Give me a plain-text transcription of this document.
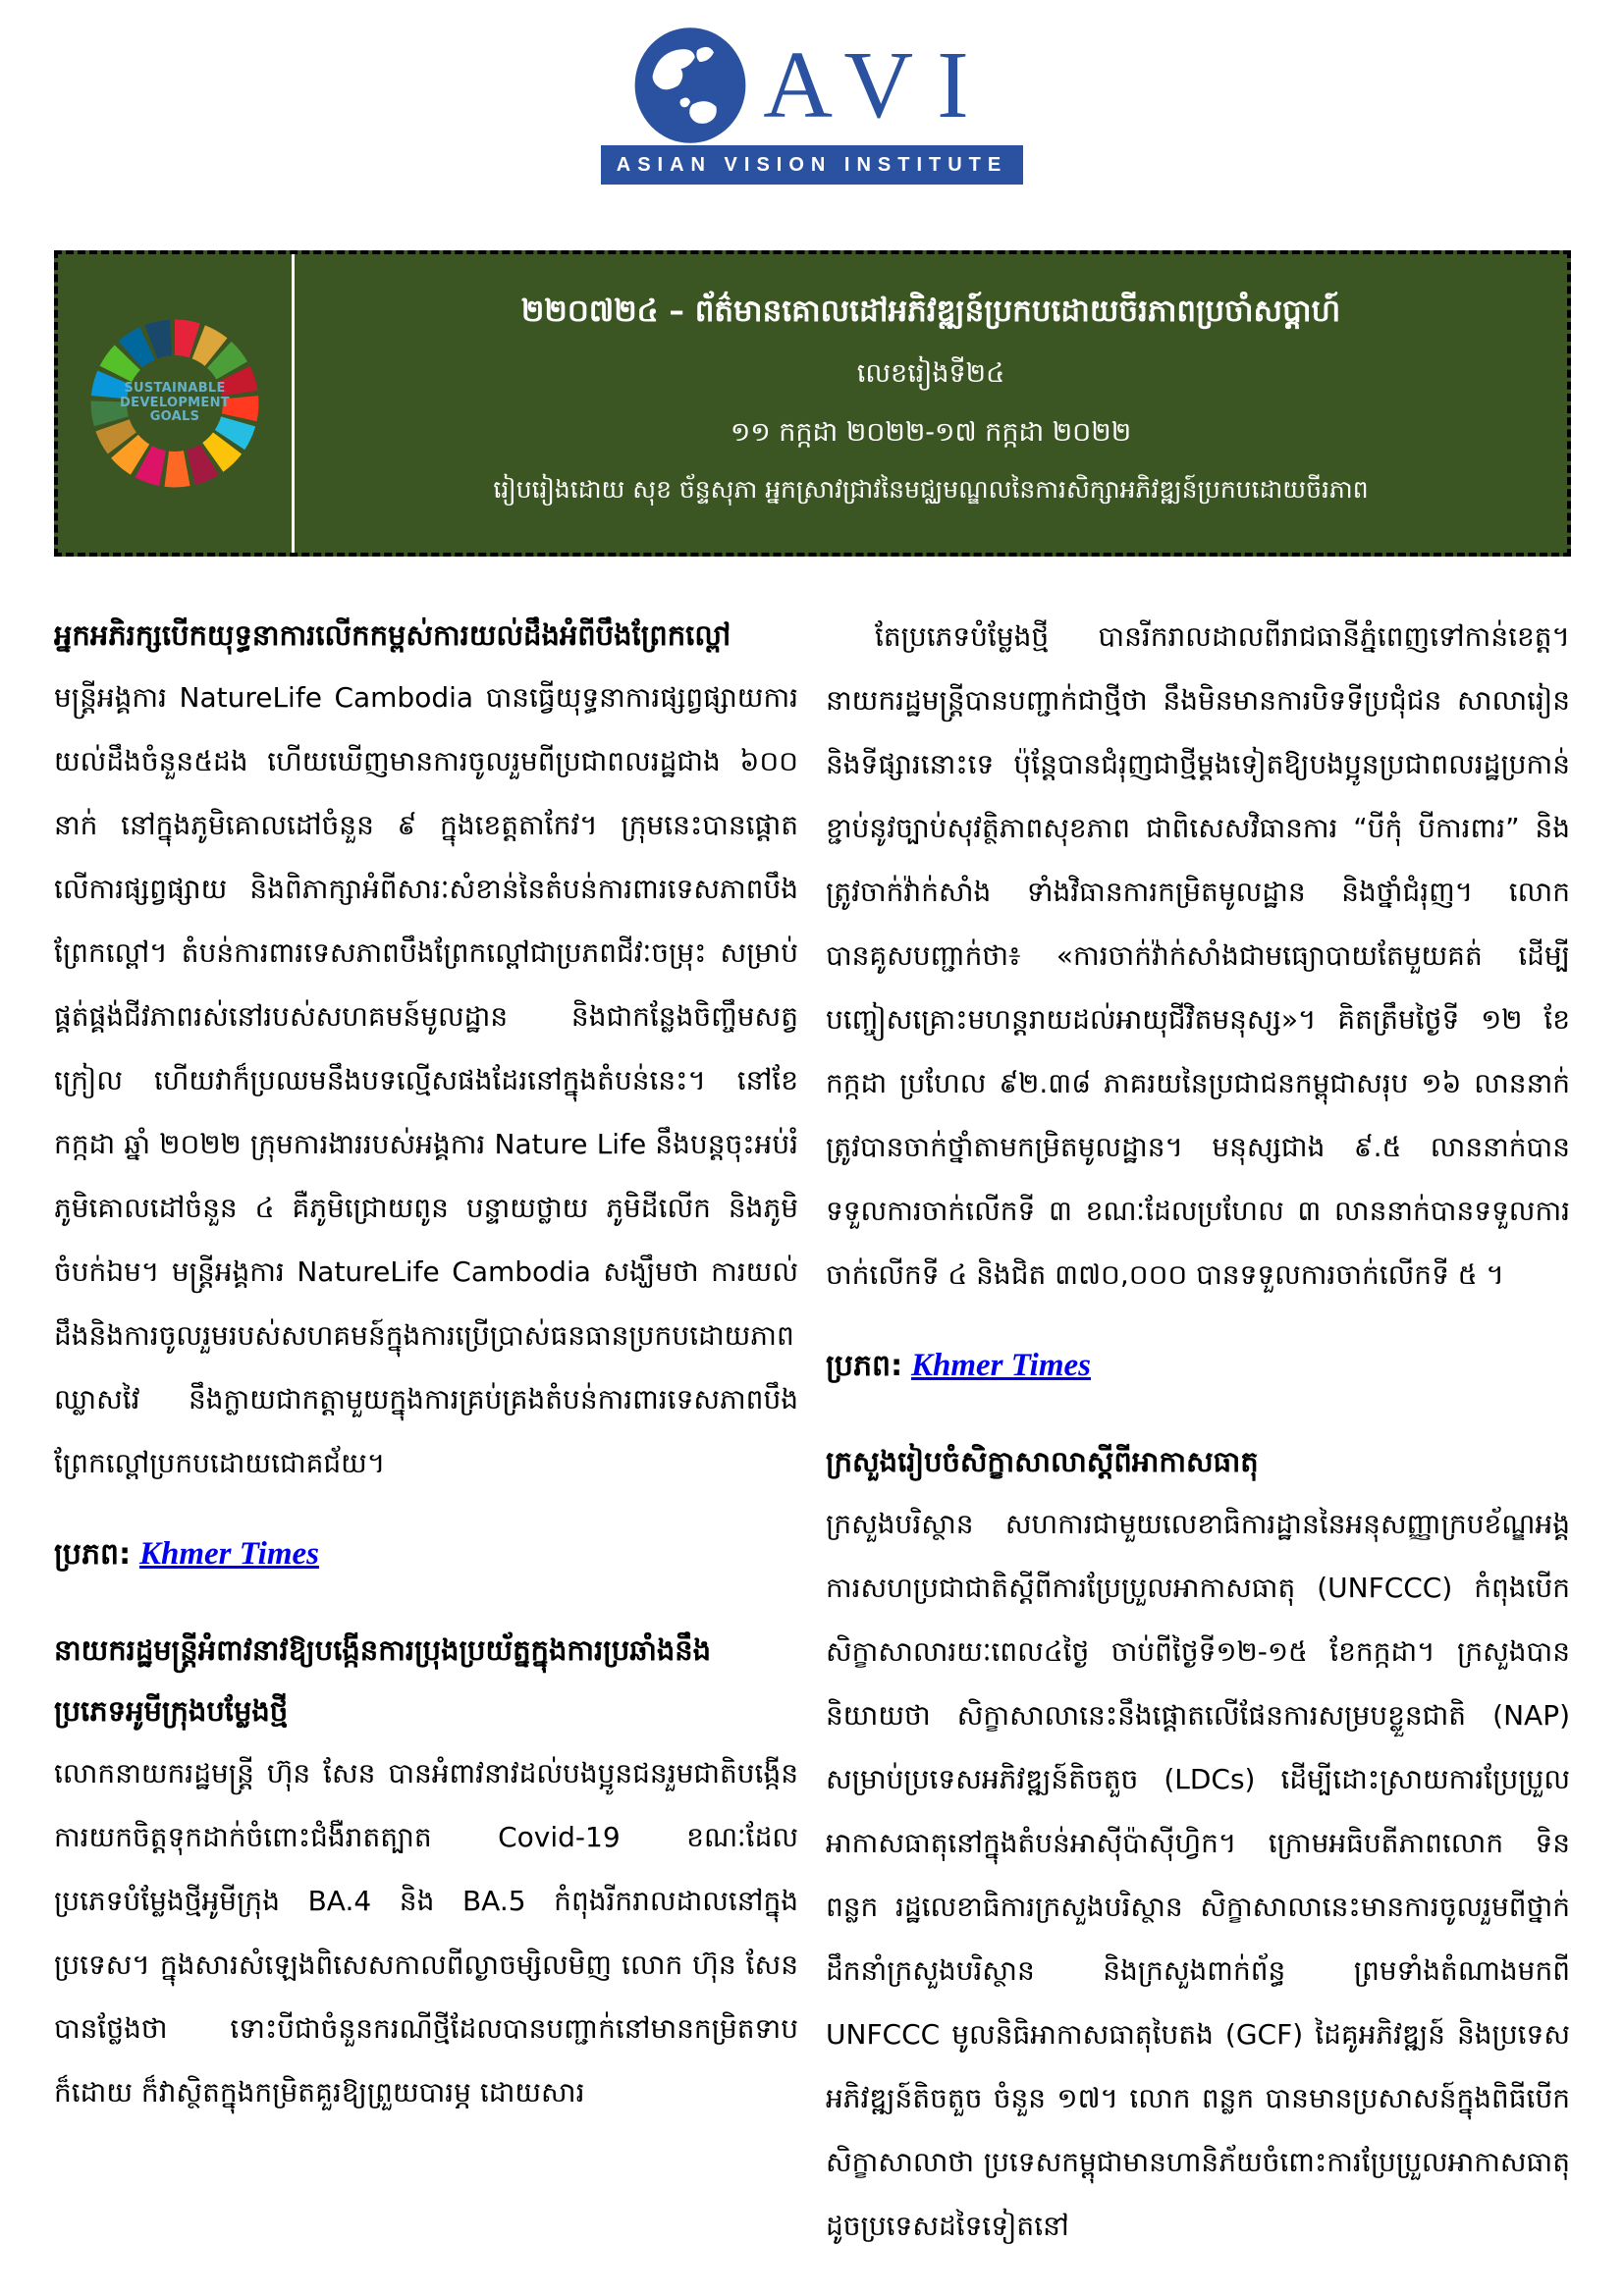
AVI
ASIAN VISION INSTITUTE
SUSTAINABLE
DEVELOPMENT
GOALS
២២០៧២៤ – ព័ត៌មានគោលដៅអភិវឌ្ឍន៍ប្រកបដោយចីរភាពប្រចាំសប្តាហ៍
លេខរៀងទី២៤
១១ កក្កដា ២០២២-១៧ កក្កដា ២០២២
រៀបរៀងដោយ សុខ ច័ន្ទសុភា អ្នកស្រាវជ្រាវនៃមជ្ឈមណ្ឌលនៃការសិក្សាអភិវឌ្ឍន៍ប្រកបដោយចីរភាព
អ្នកអភិរក្សបើកយុទ្ធនាការលើកកម្ពស់ការយល់ដឹងអំពីបឹងព្រែកល្ពៅ

មន្ត្រីអង្គការ NatureLife Cambodia បានធ្វើយុទ្ធនាការផ្សព្វផ្សាយការយល់ដឹងចំនួន៥ដង ហើយឃើញមានការចូលរួមពីប្រជាពលរដ្ឋជាង ៦០០ នាក់ នៅក្នុងភូមិគោលដៅចំនួន ៩ ក្នុងខេត្តតាកែវ។ ក្រុមនេះបានផ្តោតលើការផ្សព្វផ្សាយ និងពិភាក្សាអំពីសារៈសំខាន់នៃតំបន់ការពារទេសភាពបឹងព្រែកល្ពៅ។ តំបន់ការពារទេសភាពបឹងព្រែកល្ពៅជាប្រភពជីវៈចម្រុះ សម្រាប់ផ្គត់ផ្គង់ជីវភាពរស់នៅរបស់សហគមន៍មូលដ្ឋាន និងជាកន្លែងចិញ្ចឹមសត្វក្រៀល ហើយវាក៏ប្រឈមនឹងបទល្មើសផងដែរនៅក្នុងតំបន់នេះ។ នៅខែកក្កដា ឆ្នាំ ២០២២ ក្រុមការងាររបស់អង្គការ Nature Life នឹងបន្តចុះអប់រំភូមិគោលដៅចំនួន ៤ គឺភូមិជ្រោយពូន បន្ទាយថ្លាយ ភូមិដីលើក និងភូមិចំបក់ឯម។ មន្ត្រីអង្គការ NatureLife Cambodia សង្ឃឹមថា ការយល់ដឹងនិងការចូលរួមរបស់សហគមន៍ក្នុងការប្រើប្រាស់ធនធានប្រកបដោយភាពឈ្លាសវៃ នឹងក្លាយជាកត្តាមួយក្នុងការគ្រប់គ្រងតំបន់ការពារទេសភាពបឹងព្រែកល្ពៅប្រកបដោយជោគជ័យ។

ប្រភព: Khmer Times

នាយករដ្ឋមន្ត្រីអំពាវនាវឱ្យបង្កើនការប្រុងប្រយ័ត្នក្នុងការប្រឆាំងនឹងប្រភេទអូមីក្រុងបម្លែងថ្មី

លោកនាយករដ្ឋមន្ត្រី ហ៊ុន សែន បានអំពាវនាវដល់បងប្អូនជនរួមជាតិបង្កើនការយកចិត្តទុកដាក់ចំពោះជំងឺរាតត្បាត Covid-19 ខណៈដែលប្រភេទបំម្លែងថ្មីអូមីក្រុង BA.4 និង BA.5 កំពុងរីករាលដាលនៅក្នុងប្រទេស។ ក្នុងសារសំឡេងពិសេសកាលពីល្ងាចម្សិលមិញ លោក ហ៊ុន សែន បានថ្លែងថា ទោះបីជាចំនួនករណីថ្មីដែលបានបញ្ជាក់នៅមានកម្រិតទាបក៏ដោយ ក៏វាស្ថិតក្នុងកម្រិតគួរឱ្យព្រួយបារម្ភ ដោយសារ

តែប្រភេទបំម្លែងថ្មី បានរីករាលដាលពីរាជធានីភ្នំពេញទៅកាន់ខេត្ត។ នាយករដ្ឋមន្ត្រីបានបញ្ជាក់ជាថ្មីថា នឹងមិនមានការបិទទីប្រជុំជន សាលារៀន និងទីផ្សារនោះទេ ប៉ុន្តែបានជំរុញជាថ្មីម្តងទៀតឱ្យបងប្អូនប្រជាពលរដ្ឋប្រកាន់ខ្ជាប់នូវច្បាប់សុវត្ថិភាពសុខភាព ជាពិសេសវិធានការ “បីកុំ បីការពារ” និងត្រូវចាក់វ៉ាក់សាំង ទាំងវិធានការកម្រិតមូលដ្ឋាន និងថ្នាំជំរុញ។ លោកបានគូសបញ្ជាក់ថា៖ «ការចាក់វ៉ាក់សាំងជាមធ្យោបាយតែមួយគត់ ដើម្បីបញ្ចៀសគ្រោះមហន្តរាយដល់អាយុជីវិតមនុស្ស»។ គិតត្រឹមថ្ងៃទី ១២ ខែកក្កដា ប្រហែល ៩២.៣៨ ភាគរយនៃប្រជាជនកម្ពុជាសរុប ១៦ លាននាក់ត្រូវបានចាក់ថ្នាំតាមកម្រិតមូលដ្ឋាន។ មនុស្សជាង ៩.៥ លាននាក់បានទទួលការចាក់លើកទី ៣ ខណៈដែលប្រហែល ៣ លាននាក់បានទទួលការចាក់លើកទី ៤ និងជិត ៣៧០,០០០ បានទទួលការចាក់លើកទី ៥ ។

ប្រភព: Khmer Times

ក្រសួងរៀបចំសិក្ខាសាលាស្តីពីអាកាសធាតុ

ក្រសួងបរិស្ថាន សហការជាមួយលេខាធិការដ្ឋាននៃអនុសញ្ញាក្របខ័ណ្ឌអង្គការសហប្រជាជាតិស្តីពីការប្រែប្រួលអាកាសធាតុ (UNFCCC) កំពុងបើកសិក្ខាសាលារយៈពេល៤ថ្ងៃ ចាប់ពីថ្ងៃទី១២-១៥ ខែកក្កដា។ ក្រសួងបាននិយាយថា សិក្ខាសាលានេះនឹងផ្តោតលើផែនការសម្របខ្លួនជាតិ (NAP) សម្រាប់ប្រទេសអភិវឌ្ឍន៍តិចតួច (LDCs) ដើម្បីដោះស្រាយការប្រែប្រួលអាកាសធាតុនៅក្នុងតំបន់អាស៊ីប៉ាស៊ីហ្វិក។ ក្រោមអធិបតីភាពលោក ទិន ពន្លក រដ្ឋលេខាធិការក្រសួងបរិស្ថាន សិក្ខាសាលានេះមានការចូលរួមពីថ្នាក់ដឹកនាំក្រសួងបរិស្ថាន និងក្រសួងពាក់ព័ន្ធ ព្រមទាំងតំណាងមកពី UNFCCC មូលនិធិអាកាសធាតុបៃតង (GCF) ដៃគូអភិវឌ្ឍន៍ និងប្រទេសអភិវឌ្ឍន៍តិចតួច ចំនួន ១៧។ លោក ពន្លក បានមានប្រសាសន៍ក្នុងពិធីបើកសិក្ខាសាលាថា ប្រទេសកម្ពុជាមានហានិភ័យចំពោះការប្រែប្រួលអាកាសធាតុដូចប្រទេសដទៃទៀតនៅ
